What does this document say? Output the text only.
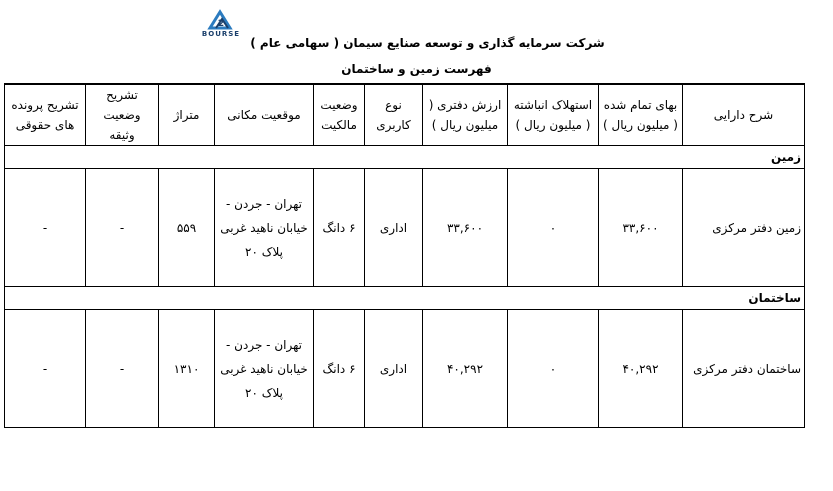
2
BOURSE
شرکت سرمایه گذاری و توسعه صنایع سیمان ( سهامی عام )
فهرست زمین و ساختمان
شرح دارایی	بهای تمام شده ( میلیون ریال )	استهلاک انباشته ( میلیون ریال )	ارزش دفتری ( میلیون ریال )	نوع کاربری	وضعیت مالکیت	موقعیت مکانی	متراژ	تشریح وضعیت وثیقه	تشریح پرونده های حقوقی
زمین									
زمین دفتر مرکزی	۳۳,۶۰۰	۰	۳۳,۶۰۰	اداری	۶ دانگ	تهران - جردن - خیابان ناهید غربی پلاک ۲۰	۵۵۹	-	-
ساختمان									
ساختمان دفتر مرکزی	۴۰,۲۹۲	۰	۴۰,۲۹۲	اداری	۶ دانگ	تهران - جردن - خیابان ناهید غربی پلاک ۲۰	۱۳۱۰	-	-
